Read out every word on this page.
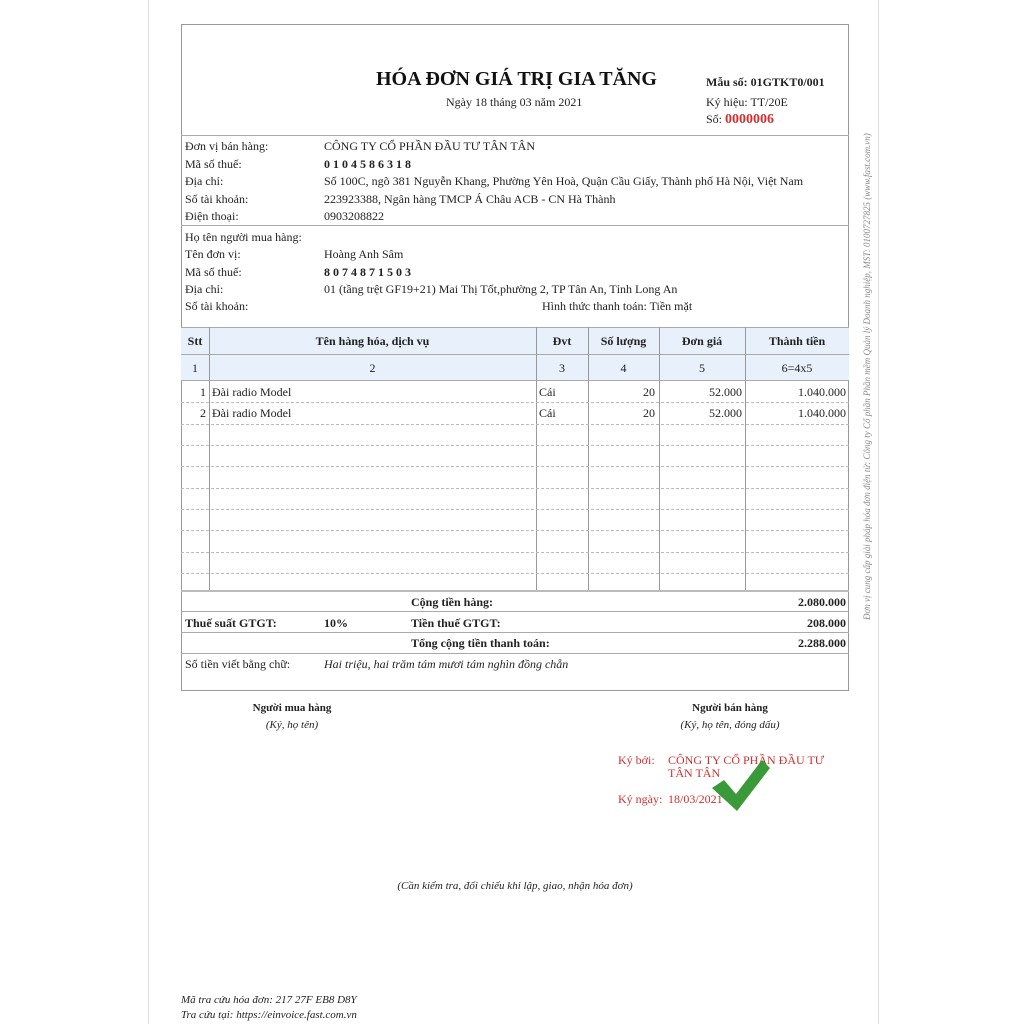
HÓA ĐƠN GIÁ TRỊ GIA TĂNG
Ngày 18 tháng 03 năm 2021
Mẫu số: 01GTKT0/001
Ký hiệu: TT/20E
Số: 0000006
Đơn vị bán hàng:	CÔNG TY CỔ PHẦN ĐẦU TƯ TÂN TÂN
Mã số thuế:	0 1 0 4 5 8 6 3 1 8
Địa chỉ:	Số 100C, ngõ 381 Nguyễn Khang, Phường Yên Hoà, Quận Cầu Giấy, Thành phố Hà Nội, Việt Nam
Số tài khoản:	223923388, Ngân hàng TMCP Á Châu ACB - CN Hà Thành
Điện thoại:	0903208822
Họ tên người mua hàng:
Tên đơn vị:	Hoàng Anh Sâm
Mã số thuế:	8 0 7 4 8 7 1 5 0 3
Địa chỉ:	01 (tầng trệt GF19+21) Mai Thị Tốt,phường 2, TP Tân An, Tỉnh Long An
Số tài khoản:	Hình thức thanh toán: Tiền mặt
Stt	Tên hàng hóa, dịch vụ	Đvt	Số lượng	Đơn giá	Thành tiền
1	2	3	4	5	6=4x5
1 Đài radio Model	Cái	20	52.000	1.040.000
2 Đài radio Model	Cái	20	52.000	1.040.000
Cộng tiền hàng:	2.080.000
Thuế suất GTGT:	10%	Tiền thuế GTGT:	208.000
Tổng cộng tiền thanh toán:	2.288.000
Số tiền viết bằng chữ:	Hai triệu, hai trăm tám mươi tám nghìn đồng chẵn
Người mua hàng
(Ký, họ tên)
Người bán hàng
(Ký, họ tên, đóng dấu)
Ký bởi: CÔNG TY CỔ PHẦN ĐẦU TƯ
TÂN TÂN
Ký ngày: 18/03/2021
(Cần kiểm tra, đối chiếu khi lập, giao, nhận hóa đơn)
Mã tra cứu hóa đơn: 217 27F EB8 D8Y
Tra cứu tại: https://einvoice.fast.com.vn
Đơn vị cung cấp giải pháp hóa đơn điện tử: Công ty Cổ phần Phần mềm Quản lý Doanh nghiệp, MST: 0100727825 (www.fast.com.vn)
